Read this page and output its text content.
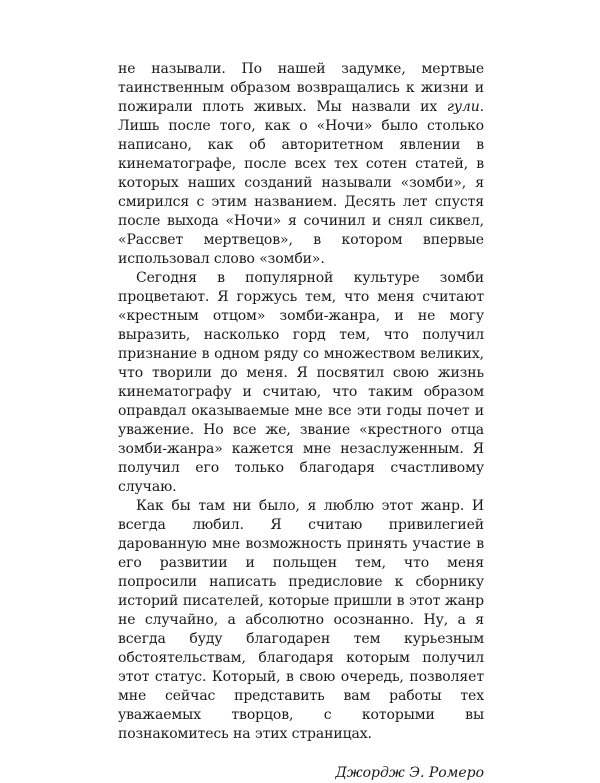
не называли. По нашей задумке, мертвые таинственным образом возвращались к жизни и пожирали плоть живых. Мы назвали их гули. Лишь после того, как о «Ночи» было столько написано, как об авторитетном явлении в кинематографе, после всех тех сотен статей, в которых наших созданий называли «зомби», я смирился с этим названием. Десять лет спустя после выхода «Ночи» я сочинил и снял сиквел, «Рассвет мертвецов», в котором впервые использовал слово «зомби».

Сегодня в популярной культуре зомби процветают. Я горжусь тем, что меня считают «крестным отцом» зомби-жанра, и не могу выразить, насколько горд тем, что получил признание в одном ряду со множеством великих, что творили до меня. Я посвятил свою жизнь кинематографу и считаю, что таким образом оправдал оказываемые мне все эти годы почет и уважение. Но все же, звание «крестного отца зомби-жанра» кажется мне незаслуженным. Я получил его только благодаря счастливому случаю.

Как бы там ни было, я люблю этот жанр. И всегда любил. Я считаю привилегией дарованную мне возможность принять участие в его развитии и польщен тем, что меня попросили написать предисловие к сборнику историй писателей, которые пришли в этот жанр не случайно, а абсолютно осознанно. Ну, а я всегда буду благодарен тем курьезным обстоятельствам, благодаря которым получил этот статус. Который, в свою очередь, позволяет мне сейчас представить вам работы тех уважаемых творцов, с которыми вы познакомитесь на этих страницах.

Джордж Э. Ромеро
